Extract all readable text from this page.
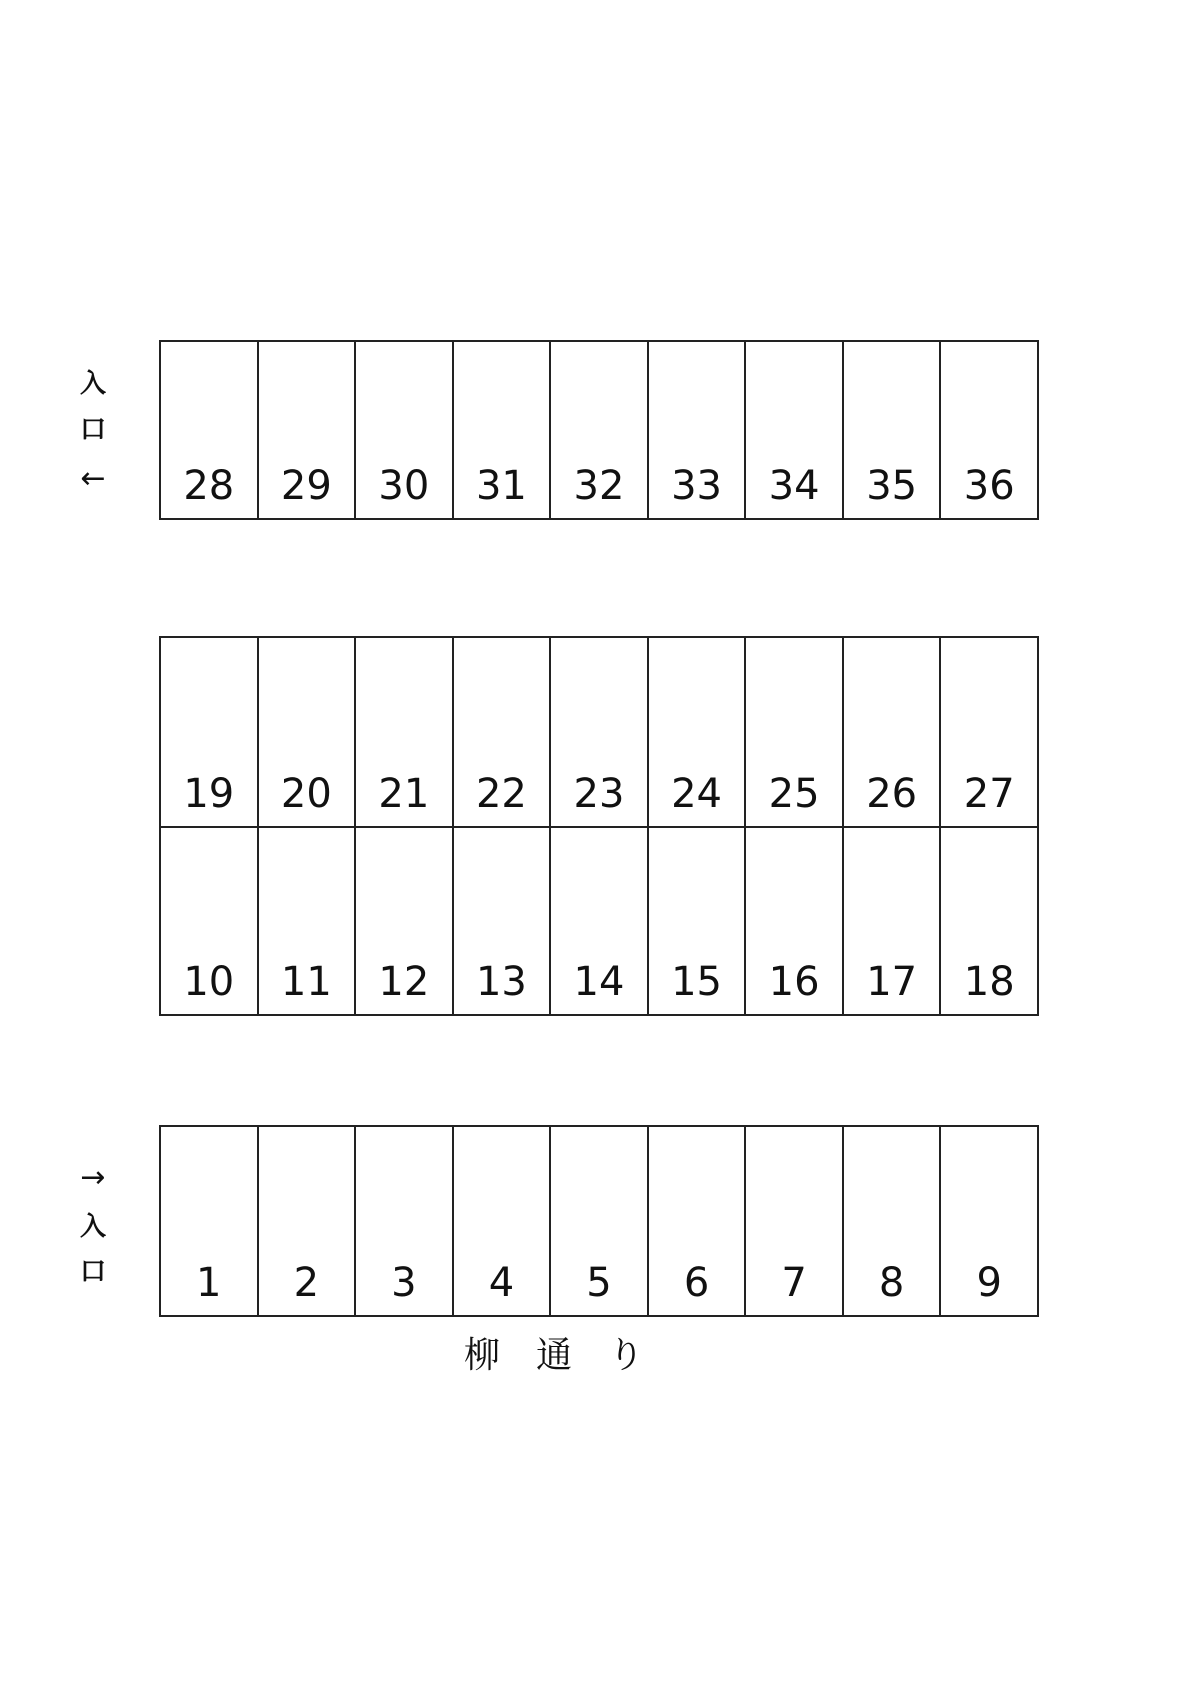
入
口
←	28	29	30	31	32	33	34	35	36
19	20	21	22	23	24	25	26	27
10	11	12	13	14	15	16	17	18
→
入
口	1	2	3	4	5	6	7	8	9
柳　通　り
